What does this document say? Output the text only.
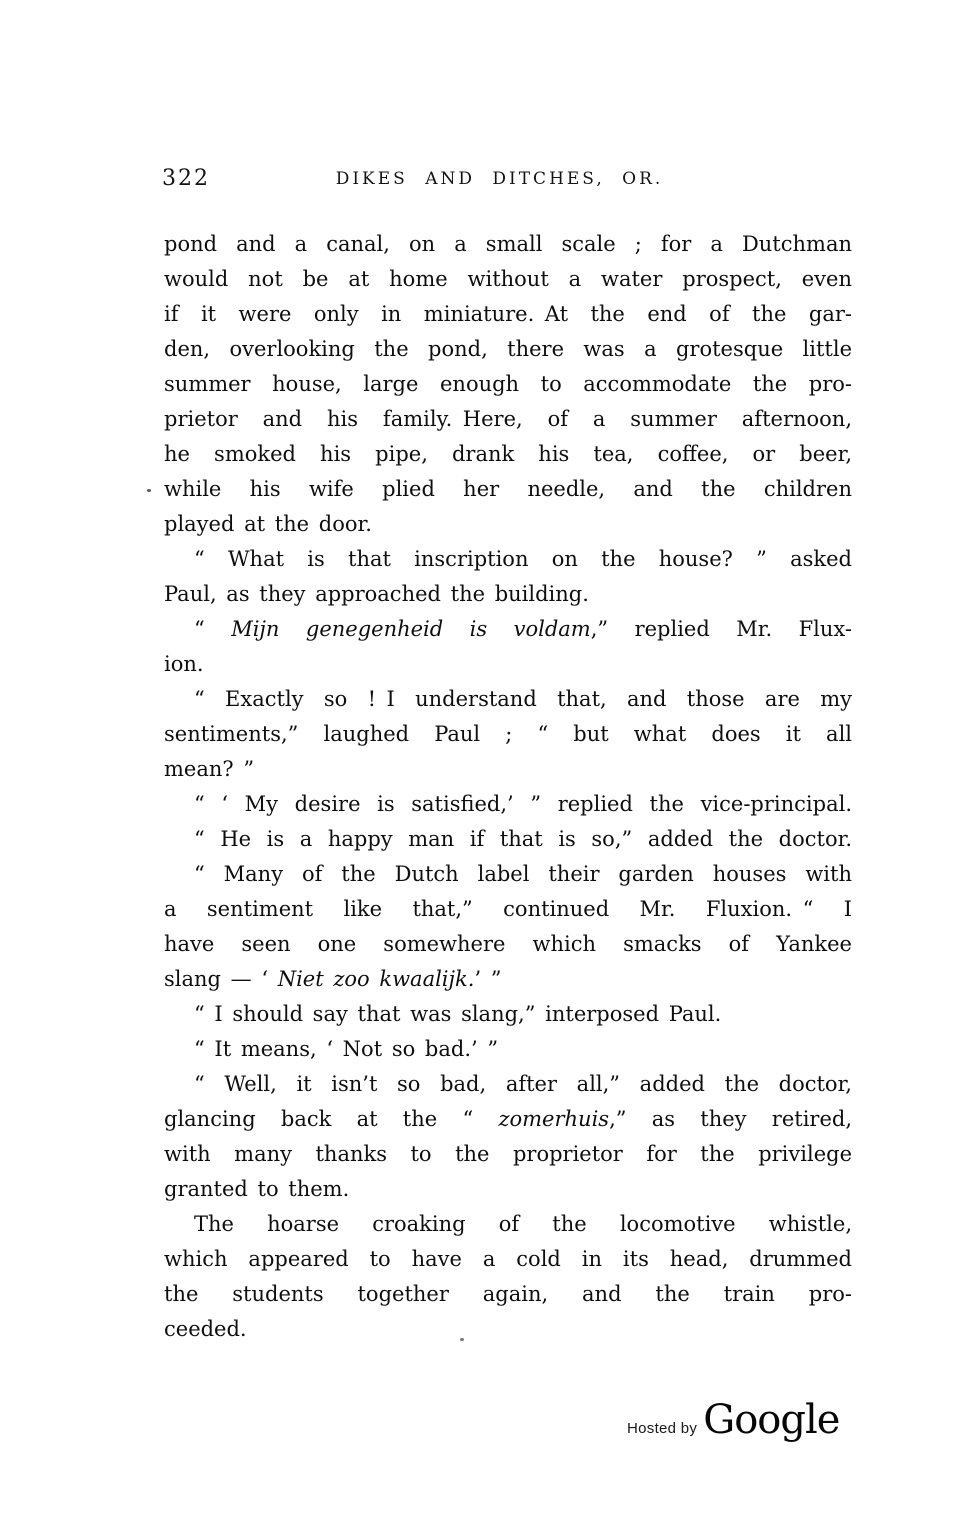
322	DIKES AND DITCHES, OR.
pond and a canal, on a small scale ; for a Dutchman
would not be at home without a water prospect, even
if it were only in miniature. At the end of the gar-
den, overlooking the pond, there was a grotesque little
summer house, large enough to accommodate the pro-
prietor and his family. Here, of a summer afternoon,
he smoked his pipe, drank his tea, coffee, or beer,
while his wife plied her needle, and the children
played at the door.
“ What is that inscription on the house? ” asked
Paul, as they approached the building.
“ Mijn genegenheid is voldam,” replied Mr. Flux-
ion.
“ Exactly so ! I understand that, and those are my
sentiments,” laughed Paul ; “ but what does it all
mean? ”
“ ‘ My desire is satisfied,’ ” replied the vice-principal.
“ He is a happy man if that is so,” added the doctor.
“ Many of the Dutch label their garden houses with
a sentiment like that,” continued Mr. Fluxion. “ I
have seen one somewhere which smacks of Yankee
slang — ‘ Niet zoo kwaalijk.’ ”
“ I should say that was slang,” interposed Paul.
“ It means, ‘ Not so bad.’ ”
“ Well, it isn’t so bad, after all,” added the doctor,
glancing back at the “ zomerhuis,” as they retired,
with many thanks to the proprietor for the privilege
granted to them.
The hoarse croaking of the locomotive whistle,
which appeared to have a cold in its head, drummed
the students together again, and the train pro-
ceeded.
Hosted by Google
